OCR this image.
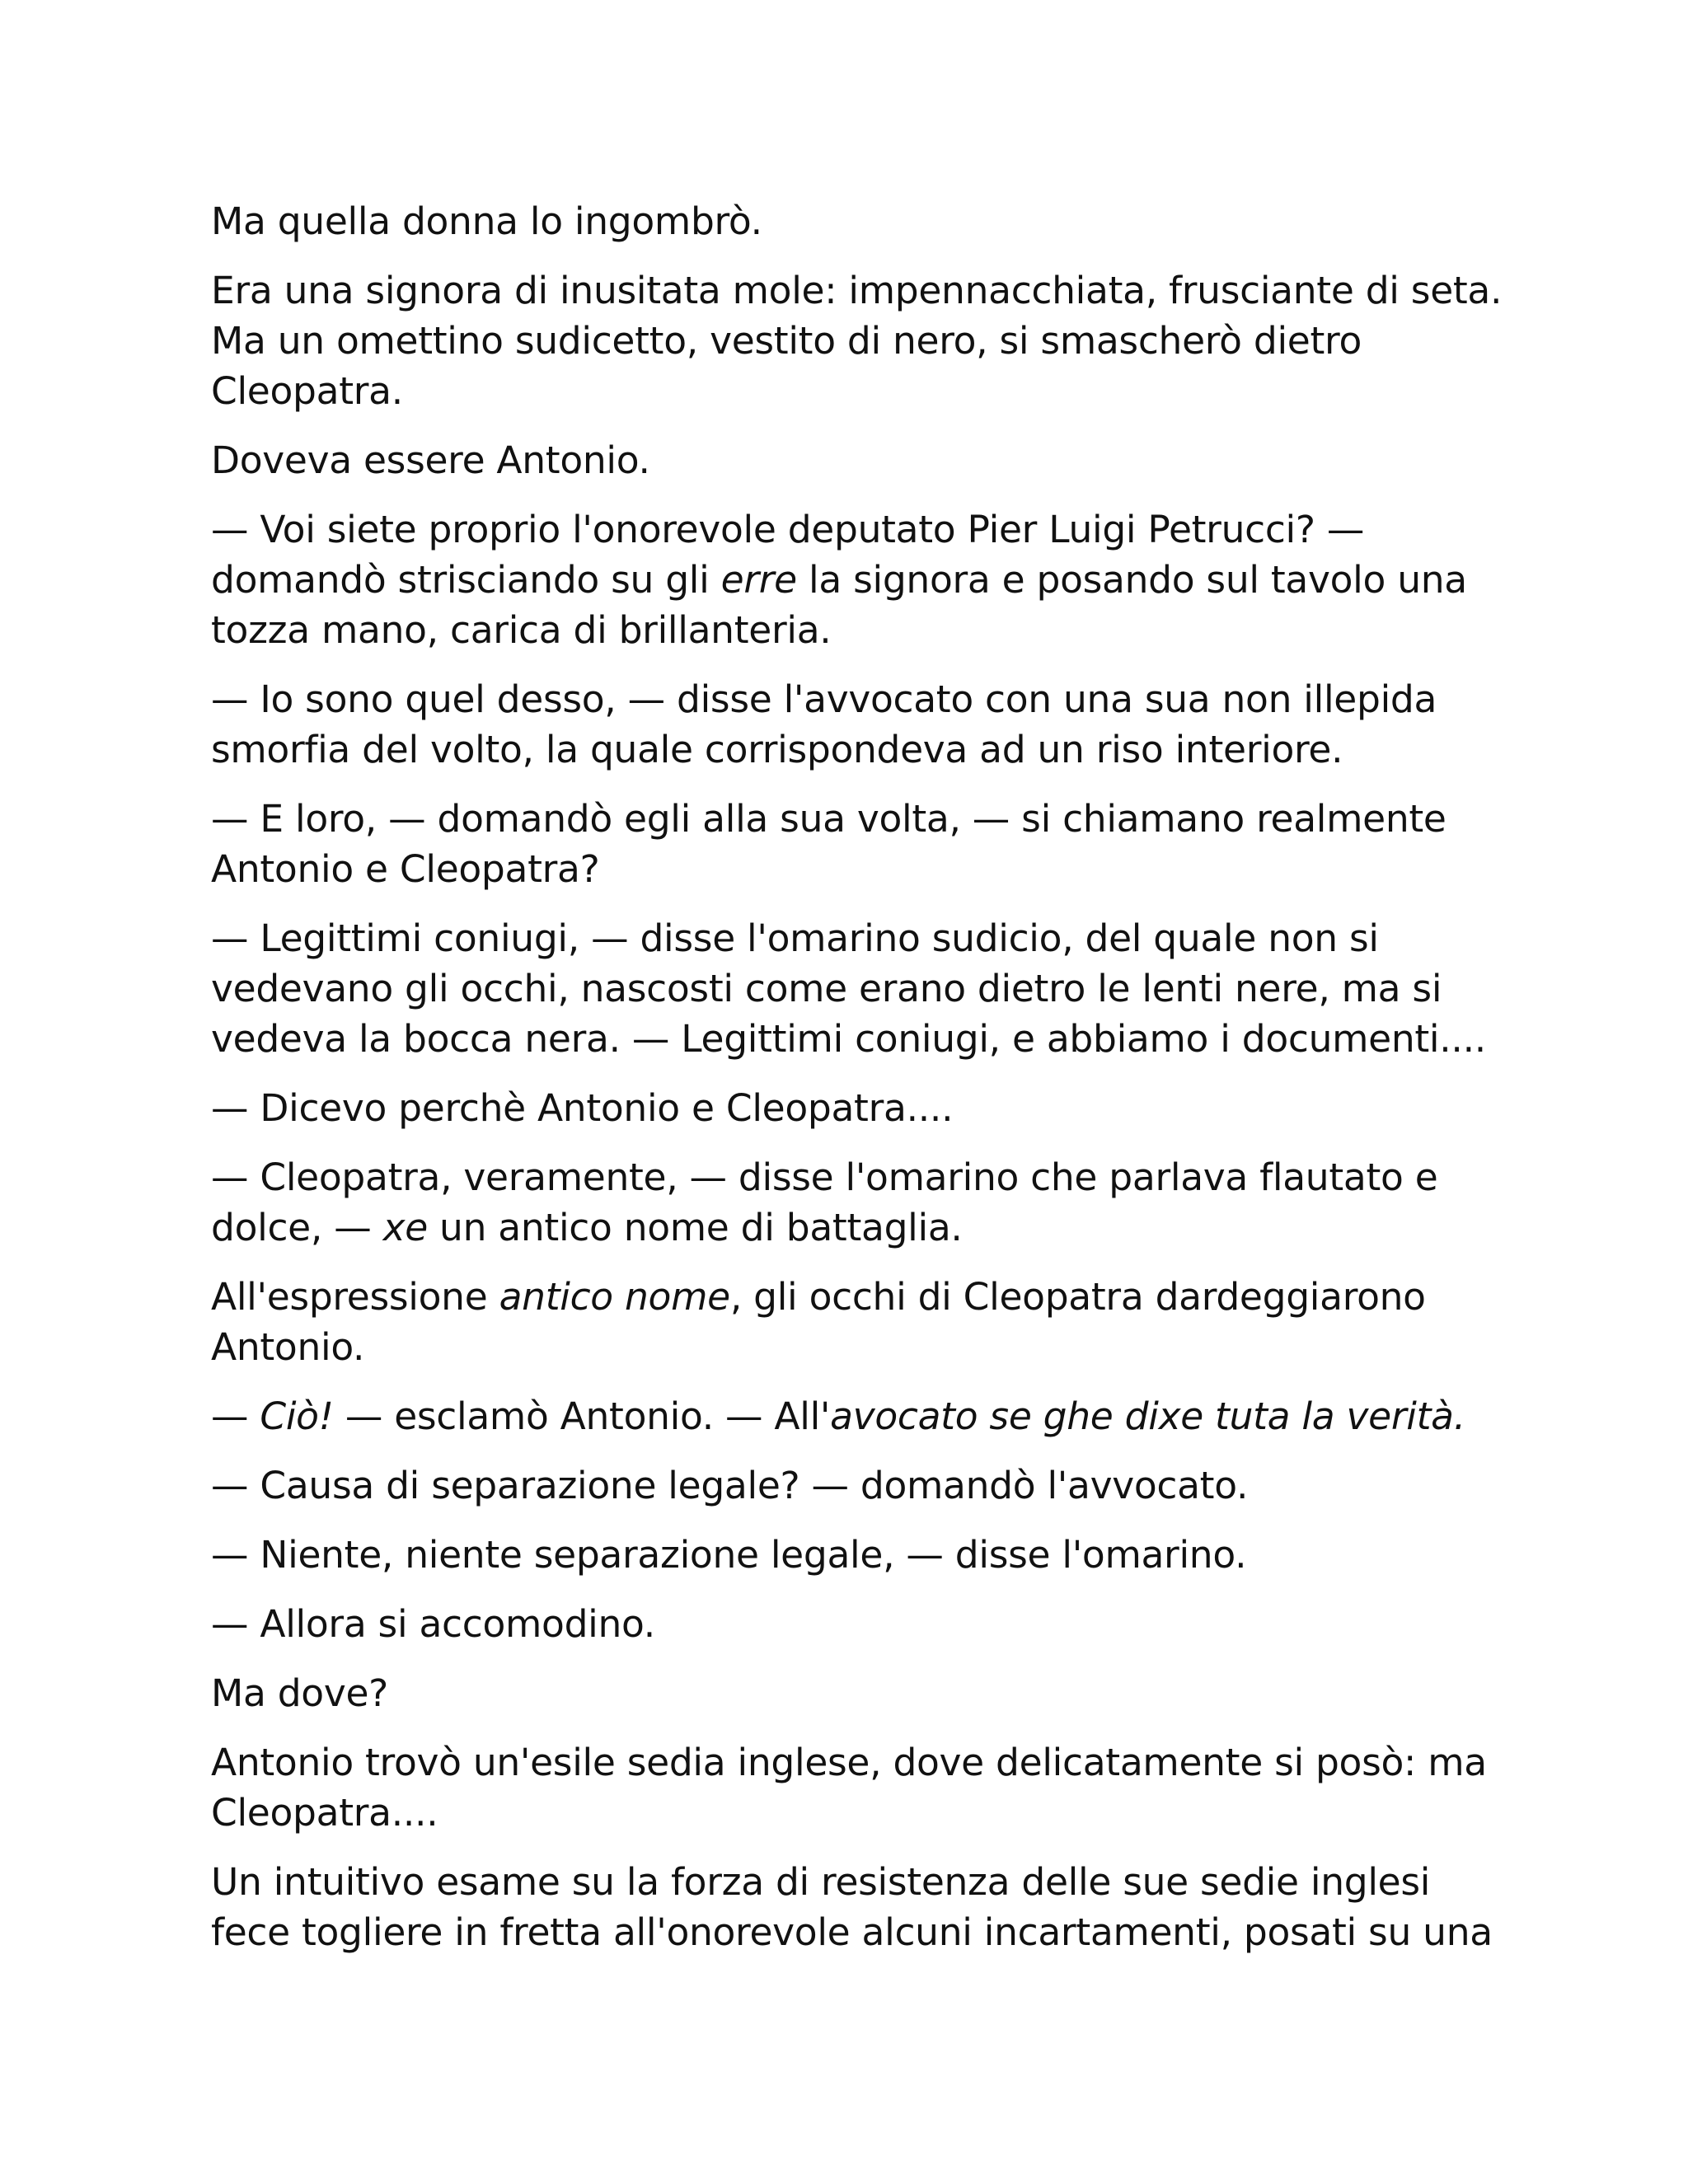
Ma quella donna lo ingombrò.

Era una signora di inusitata mole: impennacchiata, frusciante di seta.
Ma un omettino sudicetto, vestito di nero, si smascherò dietro
Cleopatra.

Doveva essere Antonio.

— Voi siete proprio l'onorevole deputato Pier Luigi Petrucci? —
domandò strisciando su gli erre la signora e posando sul tavolo una
tozza mano, carica di brillanteria.

— Io sono quel desso, — disse l'avvocato con una sua non illepida
smorfia del volto, la quale corrispondeva ad un riso interiore.

— E loro, — domandò egli alla sua volta, — si chiamano realmente
Antonio e Cleopatra?

— Legittimi coniugi, — disse l'omarino sudicio, del quale non si
vedevano gli occhi, nascosti come erano dietro le lenti nere, ma si
vedeva la bocca nera. — Legittimi coniugi, e abbiamo i documenti....

— Dicevo perchè Antonio e Cleopatra....

— Cleopatra, veramente, — disse l'omarino che parlava flautato e
dolce, — xe un antico nome di battaglia.

All'espressione antico nome, gli occhi di Cleopatra dardeggiarono
Antonio.

— Ciò! — esclamò Antonio. — All'avocato se ghe dixe tuta la verità.

— Causa di separazione legale? — domandò l'avvocato.

— Niente, niente separazione legale, — disse l'omarino.

— Allora si accomodino.

Ma dove?

Antonio trovò un'esile sedia inglese, dove delicatamente si posò: ma
Cleopatra....

Un intuitivo esame su la forza di resistenza delle sue sedie inglesi
fece togliere in fretta all'onorevole alcuni incartamenti, posati su una
